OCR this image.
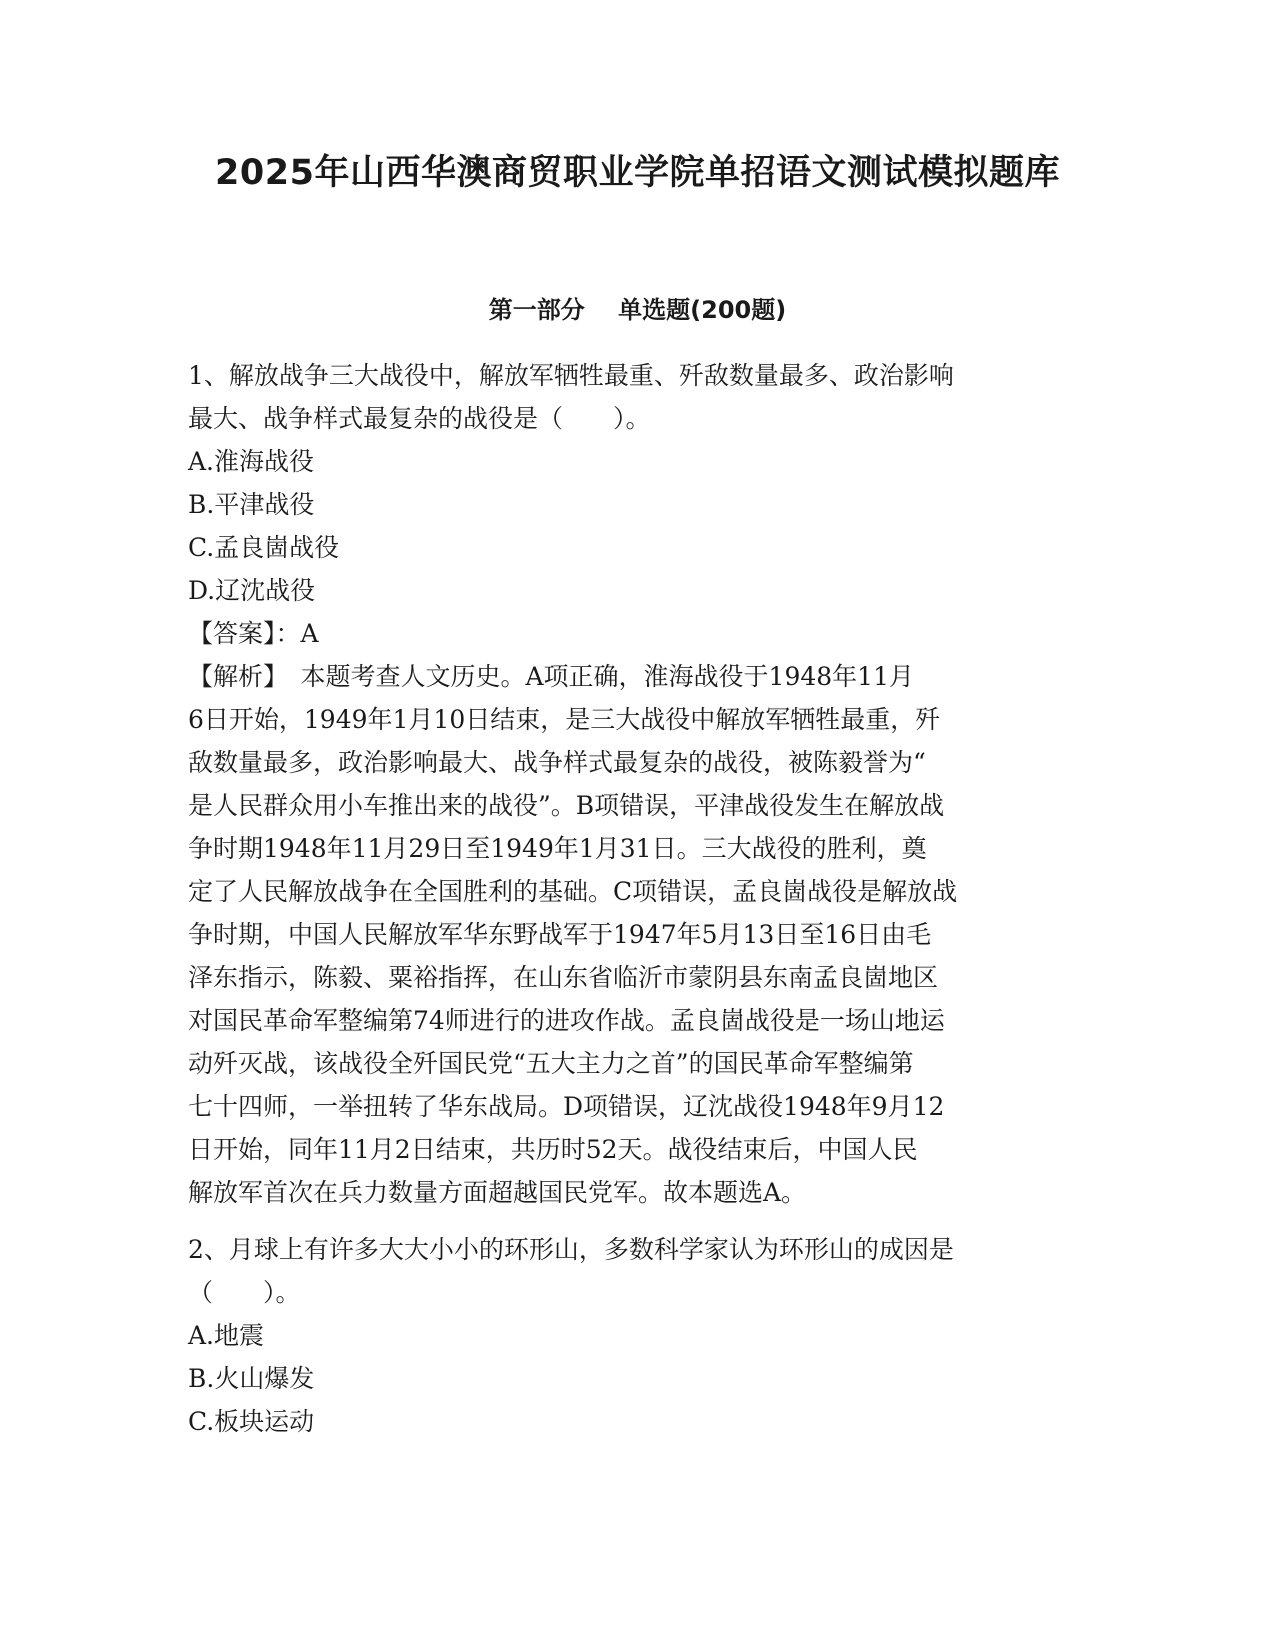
2025年山西华澳商贸职业学院单招语文测试模拟题库
第一部分    单选题(200题)
1、解放战争三大战役中，解放军牺牲最重、歼敌数量最多、政治影响
最大、战争样式最复杂的战役是（　　）。
A.淮海战役
B.平津战役
C.孟良崮战役
D.辽沈战役
【答案】：A
【解析】　本题考查人文历史。A项正确，淮海战役于1948年11月
6日开始，1949年1月10日结束，是三大战役中解放军牺牲最重，歼
敌数量最多，政治影响最大、战争样式最复杂的战役，被陈毅誉为“
是人民群众用小车推出来的战役”。B项错误，平津战役发生在解放战
争时期1948年11月29日至1949年1月31日。三大战役的胜利，奠
定了人民解放战争在全国胜利的基础。C项错误，孟良崮战役是解放战
争时期，中国人民解放军华东野战军于1947年5月13日至16日由毛
泽东指示，陈毅、粟裕指挥，在山东省临沂市蒙阴县东南孟良崮地区
对国民革命军整编第74师进行的进攻作战。孟良崮战役是一场山地运
动歼灭战，该战役全歼国民党“五大主力之首”的国民革命军整编第
七十四师，一举扭转了华东战局。D项错误，辽沈战役1948年9月12
日开始，同年11月2日结束，共历时52天。战役结束后，中国人民
解放军首次在兵力数量方面超越国民党军。故本题选A。
2、月球上有许多大大小小的环形山，多数科学家认为环形山的成因是
（　　）。
A.地震
B.火山爆发
C.板块运动
